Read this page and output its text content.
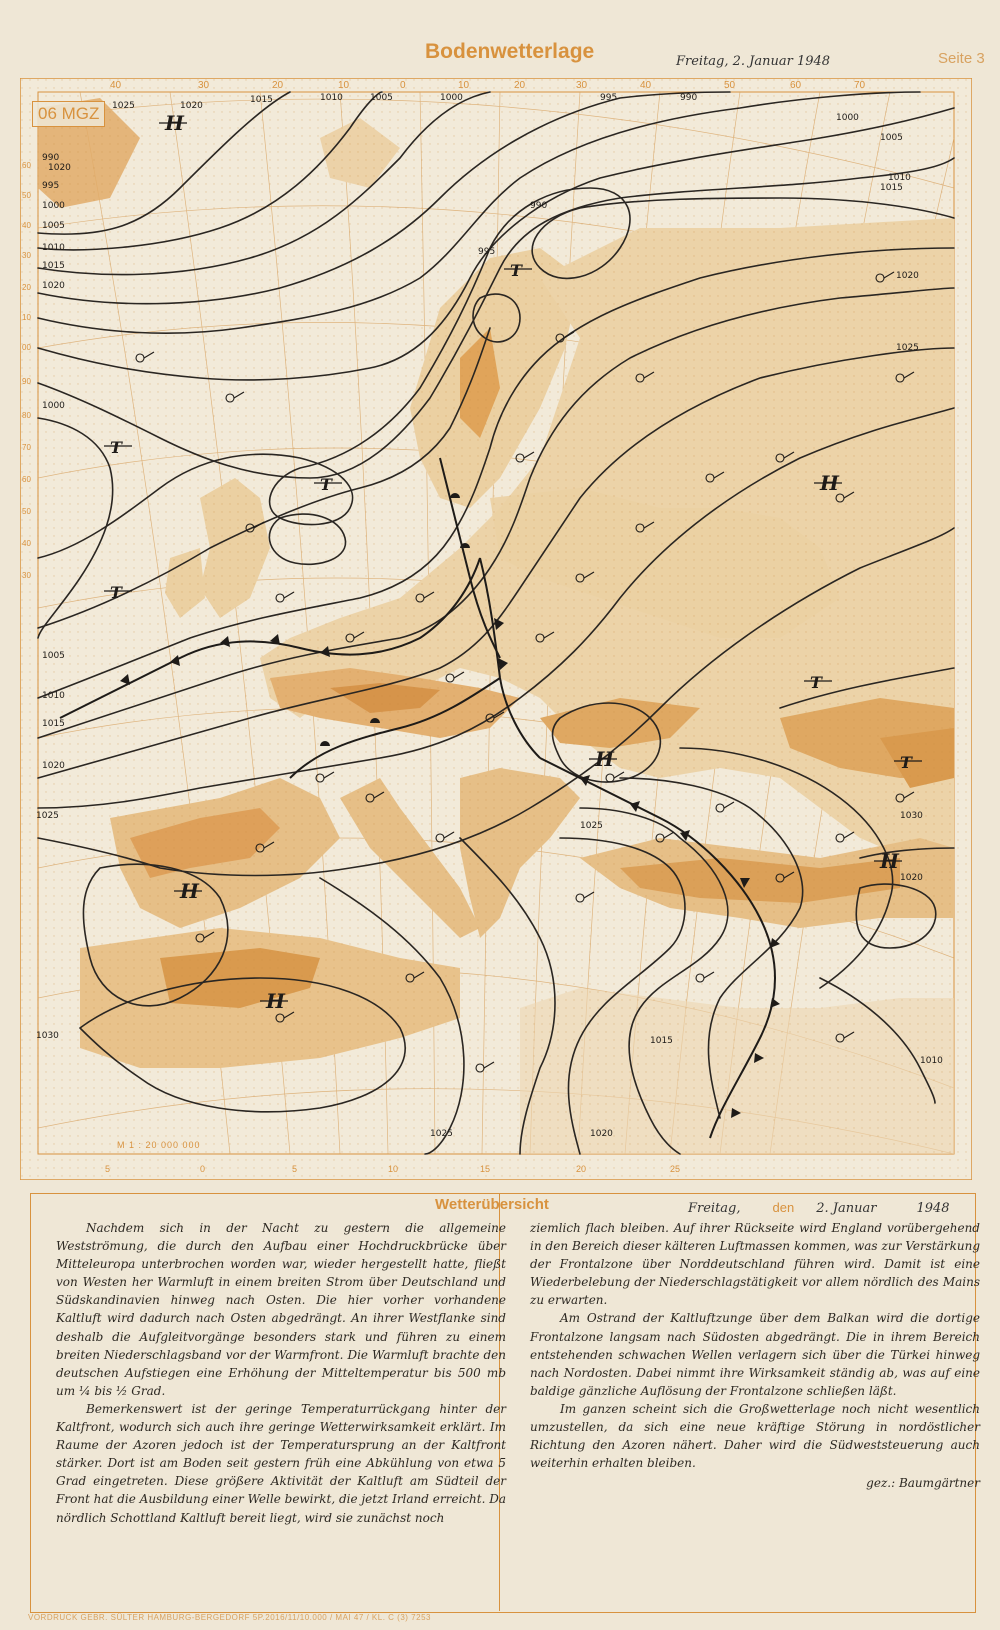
Bodenwetterlage	Freitag, 2. Januar 1948	Seite 3
40	30	20	10	0	10	20	30	40	50	60	70
5	0	5	10	15	20	25
60
50
40
30
20
10
00
90
80
70
60
50
40
30
1020
1025	1020
1015	1010	1005	1000	995	990
990
995
1000
1005
1010
1015
1020
1025
1030
1030
1025
1020
1015
1010
1005
1000
995
990
1000
1005
1010
1015
1020
1025
1025	1020
1015
1010
1020
H
T
T
T
T
H
H
H
H
H
T
T
06 MGZ
M 1 : 20 000 000
Wetterübersicht	Freitag, den 2. Januar	1948

Nachdem sich in der Nacht zu gestern die allgemeine Westströmung, die durch den Aufbau einer Hochdruckbrücke über Mitteleuropa unterbrochen worden war, wieder hergestellt hatte, fließt von Westen her Warmluft in einem breiten Strom über Deutschland und Südskandinavien hinweg nach Osten. Die hier vorher vorhandene Kaltluft wird dadurch nach Osten abgedrängt. An ihrer Westflanke sind deshalb die Aufgleitvorgänge besonders stark und führen zu einem breiten Niederschlagsband vor der Warmfront. Die Warmluft brachte den deutschen Aufstiegen eine Erhöhung der Mitteltemperatur bis 500 mb um ¼ bis ½ Grad.

Bemerkenswert ist der geringe Temperaturrückgang hinter der Kaltfront, wodurch sich auch ihre geringe Wetterwirksamkeit erklärt. Im Raume der Azoren jedoch ist der Temperatursprung an der Kaltfront stärker. Dort ist am Boden seit gestern früh eine Abkühlung von etwa 5 Grad eingetreten. Diese größere Aktivität der Kaltluft am Südteil der Front hat die Ausbildung einer Welle bewirkt, die jetzt Irland erreicht. Da nördlich Schottland Kaltluft bereit liegt, wird sie zunächst noch

ziemlich flach bleiben. Auf ihrer Rückseite wird England vorübergehend in den Bereich dieser kälteren Luftmassen kommen, was zur Verstärkung der Frontalzone über Norddeutschland führen wird. Damit ist eine Wiederbelebung der Niederschlagstätigkeit vor allem nördlich des Mains zu erwarten.

Am Ostrand der Kaltluftzunge über dem Balkan wird die dortige Frontalzone langsam nach Südosten abgedrängt. Die in ihrem Bereich entstehenden schwachen Wellen verlagern sich über die Türkei hinweg nach Nordosten. Dabei nimmt ihre Wirksamkeit ständig ab, was auf eine baldige gänzliche Auflösung der Frontalzone schließen läßt.

Im ganzen scheint sich die Großwetterlage noch nicht wesentlich umzustellen, da sich eine neue kräftige Störung in nordöstlicher Richtung den Azoren nähert. Daher wird die Südweststeuerung auch weiterhin erhalten bleiben.

gez.: Baumgärtner
VORDRUCK GEBR. SÜLTER HAMBURG-BERGEDORF 5P.2016/11/10.000 / MAI 47 / KL. C (3) 7253
